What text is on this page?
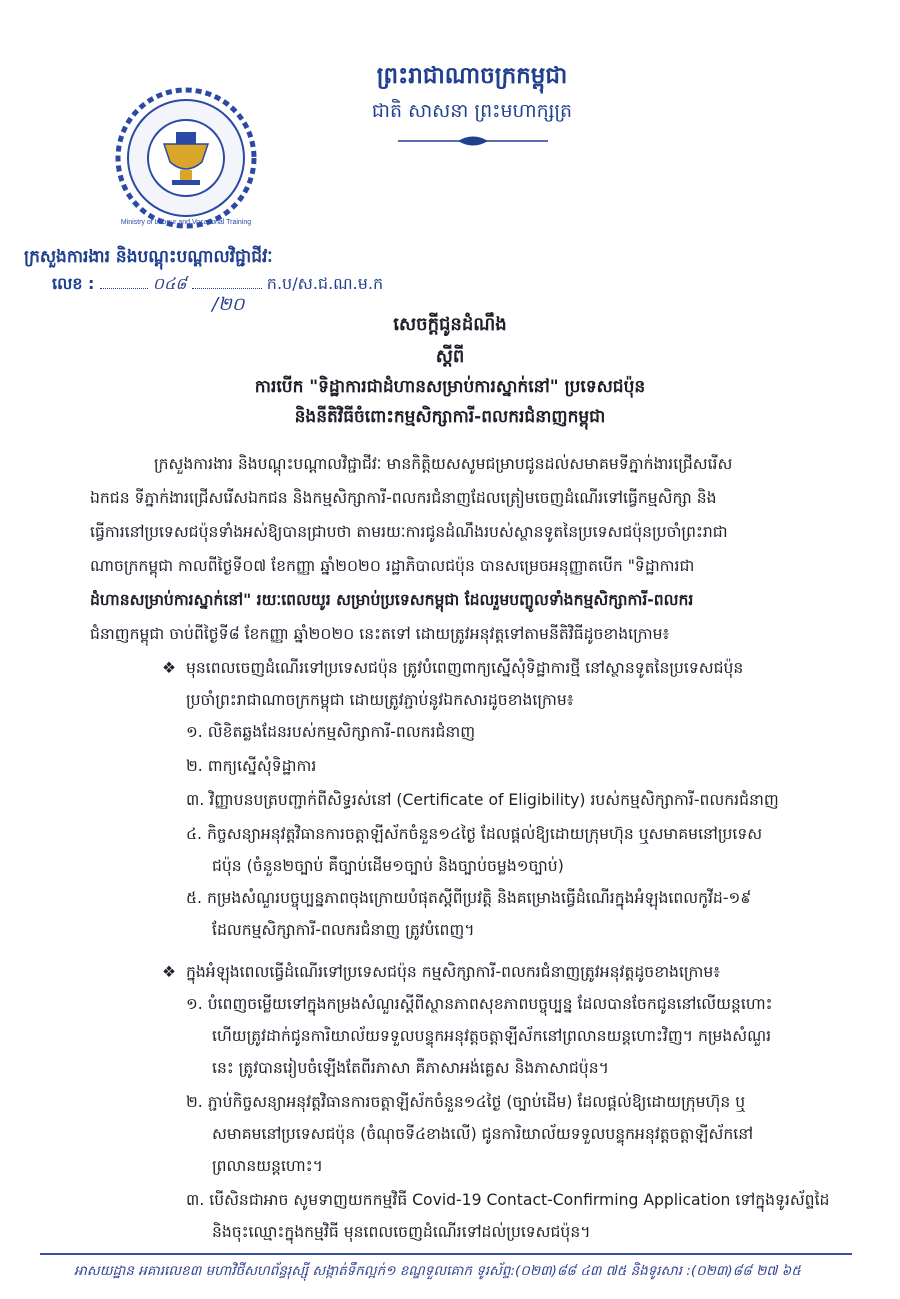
Ministry of Labour and Vocational Training
ព្រះរាជាណាចក្រកម្ពុជា
ជាតិ សាសនា ព្រះមហាក្សត្រ
ក្រសួងការងារ និងបណ្តុះបណ្តាលវិជ្ជាជីវៈ
លេខ :	០៤៨	ក.ប/ស.ជ.ណ.ម.ក
/២០
សេចក្តីជូនដំណឹង
ស្តីពី
ការបើក "ទិដ្ឋាការជាដំហានសម្រាប់ការស្នាក់នៅ" ប្រទេសជប៉ុន
និងនីតិវិធីចំពោះកម្មសិក្សាការី-ពលករជំនាញកម្ពុជា
ក្រសួងការងារ និងបណ្តុះបណ្តាលវិជ្ជាជីវៈ មានកិត្តិយសសូមជម្រាបជូនដល់សមាគមទីភ្នាក់ងារជ្រើសរើស
ឯកជន ទីភ្នាក់ងារជ្រើសរើសឯកជន និងកម្មសិក្សាការី-ពលករជំនាញដែលត្រៀមចេញដំណើរទៅធ្វើកម្មសិក្សា និង
ធ្វើការនៅប្រទេសជប៉ុនទាំងអស់ឱ្យបានជ្រាបថា តាមរយៈការជូនដំណឹងរបស់ស្ថានទូតនៃប្រទេសជប៉ុនប្រចាំព្រះរាជា
ណាចក្រកម្ពុជា កាលពីថ្ងៃទី០៧ ខែកញ្ញា ឆ្នាំ២០២០ រដ្ឋាភិបាលជប៉ុន បានសម្រេចអនុញ្ញាតបើក "ទិដ្ឋាការជា
ដំហានសម្រាប់ការស្នាក់នៅ" រយៈពេលយូរ សម្រាប់ប្រទេសកម្ពុជា ដែលរួមបញ្ចូលទាំងកម្មសិក្សាការី-ពលករ
ជំនាញកម្ពុជា ចាប់ពីថ្ងៃទី៨ ខែកញ្ញា ឆ្នាំ២០២០ នេះតទៅ ដោយត្រូវអនុវត្តទៅតាមនីតិវិធីដូចខាងក្រោម៖
❖ មុនពេលចេញដំណើរទៅប្រទេសជប៉ុន ត្រូវបំពេញពាក្យស្នើសុំទិដ្ឋាការថ្មី នៅស្ថានទូតនៃប្រទេសជប៉ុន
ប្រចាំព្រះរាជាណាចក្រកម្ពុជា ដោយត្រូវភ្ជាប់នូវឯកសារដូចខាងក្រោម៖
១. លិខិតឆ្លងដែនរបស់កម្មសិក្សាការី-ពលករជំនាញ
២. ពាក្យស្នើសុំទិដ្ឋាការ
៣. វិញ្ញាបនបត្របញ្ជាក់ពីសិទ្ធរស់នៅ (Certificate of Eligibility) របស់កម្មសិក្សាការី-ពលករជំនាញ
៤. កិច្ចសន្យាអនុវត្តវិធានការចត្តាឡីស័កចំនួន១៤ថ្ងៃ ដែលផ្តល់ឱ្យដោយក្រុមហ៊ុន ឬសមាគមនៅប្រទេស
ជប៉ុន (ចំនួន២ច្បាប់ គឺច្បាប់ដើម១ច្បាប់ និងច្បាប់ចម្លង១ច្បាប់)
៥. កម្រងសំណួរបច្ចុប្បន្នភាពចុងក្រោយបំផុតស្តីពីប្រវត្តិ និងគម្រោងធ្វើដំណើរក្នុងអំឡុងពេលកូវីដ-១៩
ដែលកម្មសិក្សាការី-ពលករជំនាញ ត្រូវបំពេញ។
❖ ក្នុងអំឡុងពេលធ្វើដំណើរទៅប្រទេសជប៉ុន កម្មសិក្សាការី-ពលករជំនាញត្រូវអនុវត្តដូចខាងក្រោម៖
១. បំពេញចម្លើយទៅក្នុងកម្រងសំណួរស្តីពីស្ថានភាពសុខភាពបច្ចុប្បន្ន ដែលបានចែកជូននៅលើយន្តហោះ
ហើយត្រូវដាក់ជូនការិយាល័យទទួលបន្ទុកអនុវត្តចត្តាឡីស័កនៅព្រលានយន្តហោះវិញ។ កម្រងសំណួរ
នេះ ត្រូវបានរៀបចំឡើងតែពីរភាសា គឺភាសាអង់គ្លេស និងភាសាជប៉ុន។
២. ភ្ជាប់កិច្ចសន្យាអនុវត្តវិធានការចត្តាឡីស័កចំនួន១៤ថ្ងៃ (ច្បាប់ដើម) ដែលផ្តល់ឱ្យដោយក្រុមហ៊ុន ឬ
សមាគមនៅប្រទេសជប៉ុន (ចំណុចទី៤ខាងលើ) ជូនការិយាល័យទទួលបន្ទុកអនុវត្តចត្តាឡីស័កនៅ
ព្រលានយន្តហោះ។
៣. បើសិនជាអាច សូមទាញយកកម្មវិធី Covid-19 Contact-Confirming Application ទៅក្នុងទូរស័ព្ទដៃ
និងចុះឈ្មោះក្នុងកម្មវិធី មុនពេលចេញដំណើរទៅដល់ប្រទេសជប៉ុន។
អាសយដ្ឋាន អគារលេខ៣ មហាវិថីសហព័ន្ធរុស្ស៊ី សង្កាត់ទឹកល្អក់១ ខណ្ឌទួលគោក ទូរស័ព្ទ:(០២៣)៨៨ ៤៣ ៧៥ និងទូរសារ :(០២៣)៨៨ ២៧ ៦៥
